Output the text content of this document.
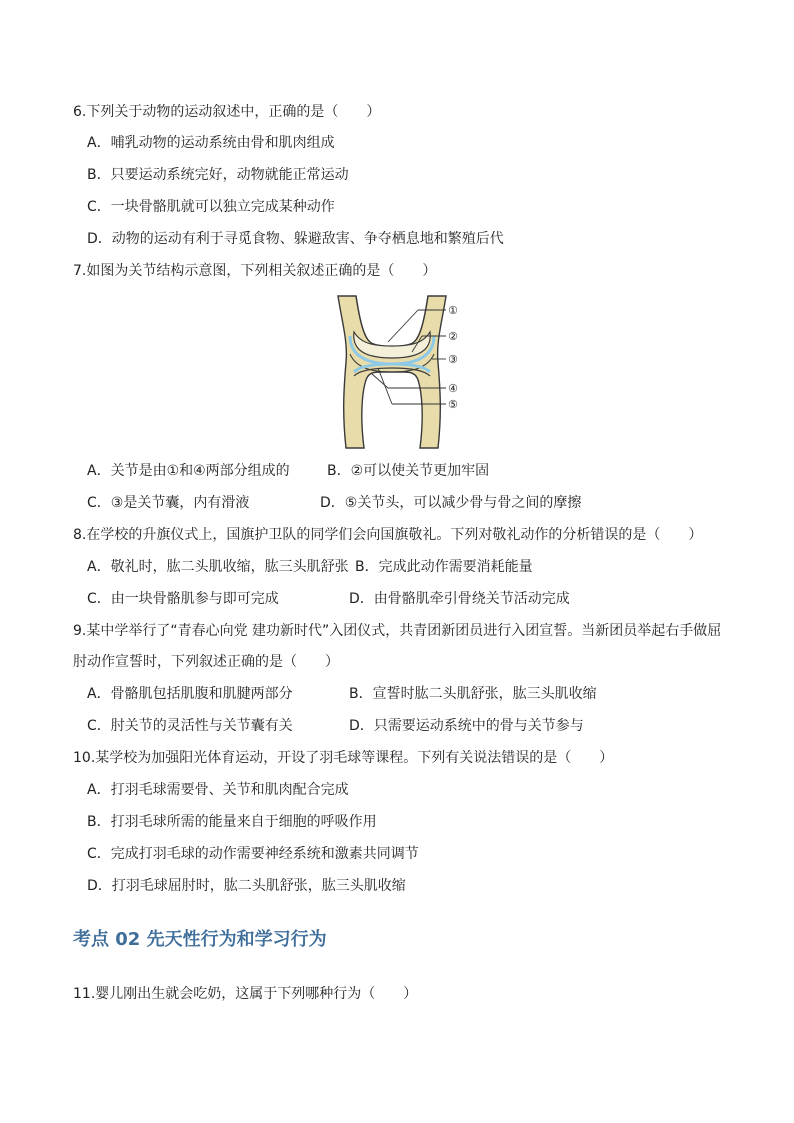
6.下列关于动物的运动叙述中，正确的是（　　）
A．哺乳动物的运动系统由骨和肌肉组成
B．只要运动系统完好，动物就能正常运动
C．一块骨骼肌就可以独立完成某种动作
D．动物的运动有利于寻觅食物、躲避敌害、争夺栖息地和繁殖后代
7.如图为关节结构示意图，下列相关叙述正确的是（　　）
①
②
③
④
⑤
A．关节是由①和④两部分组成的	B．②可以使关节更加牢固
C．③是关节囊，内有滑液	D．⑤关节头，可以减少骨与骨之间的摩擦
8.在学校的升旗仪式上，国旗护卫队的同学们会向国旗敬礼。下列对敬礼动作的分析错误的是（　　）
A．敬礼时，肱二头肌收缩，肱三头肌舒张 B．完成此动作需要消耗能量
C．由一块骨骼肌参与即可完成	D．由骨骼肌牵引骨绕关节活动完成
9.某中学举行了“青春心向党 建功新时代”入团仪式，共青团新团员进行入团宣誓。当新团员举起右手做屈
肘动作宣誓时，下列叙述正确的是（　　）
A．骨骼肌包括肌腹和肌腱两部分	B．宣誓时肱二头肌舒张，肱三头肌收缩
C．肘关节的灵活性与关节囊有关	D．只需要运动系统中的骨与关节参与
10.某学校为加强阳光体育运动，开设了羽毛球等课程。下列有关说法错误的是（　　）
A．打羽毛球需要骨、关节和肌肉配合完成
B．打羽毛球所需的能量来自于细胞的呼吸作用
C．完成打羽毛球的动作需要神经系统和激素共同调节
D．打羽毛球屈肘时，肱二头肌舒张，肱三头肌收缩
考点 02 先天性行为和学习行为
11.婴儿刚出生就会吃奶，这属于下列哪种行为（　　）
